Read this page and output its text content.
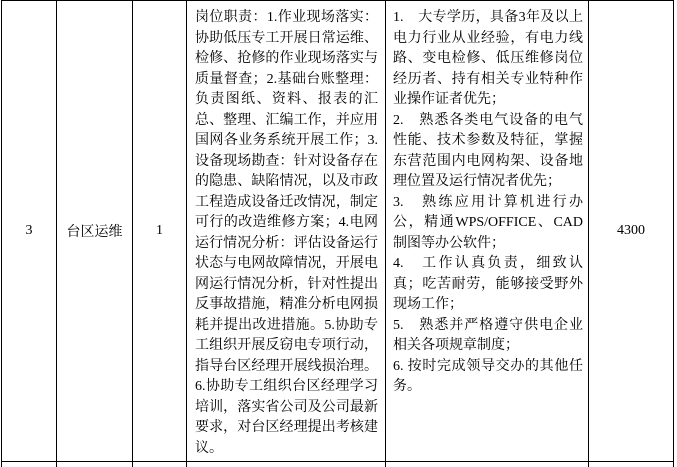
3 台区运维 1

岗位职责：1.作业现场落实：协助低压专工开展日常运维、检修、抢修的作业现场落实与质量督查；2.基础台账整理：负责图纸、资料、报表的汇总、整理、汇编工作，并应用国网各业务系统开展工作；3.设备现场勘查：针对设备存在的隐患、缺陷情况，以及市政工程造成设备迁改情况，制定可行的改造维修方案；4.电网运行情况分析：评估设备运行状态与电网故障情况，开展电网运行情况分析，针对性提出反事故措施，精准分析电网损耗并提出改进措施。5.协助专工组织开展反窃电专项行动，指导台区经理开展线损治理。6.协助专工组织台区经理学习培训，落实省公司及公司最新要求，对台区经理提出考核建议。

1.　大专学历，具备3年及以上电力行业从业经验，有电力线路、变电检修、低压维修岗位经历者、持有相关专业特种作业操作证者优先；

2.　熟悉各类电气设备的电气性能、技术参数及特征，掌握东营范围内电网构架、设备地理位置及运行情况者优先；

3.　熟练应用计算机进行办公，精通WPS/OFFICE、CAD制图等办公软件；

4.　工作认真负责，细致认真；吃苦耐劳，能够接受野外现场工作；

5.　熟悉并严格遵守供电企业相关各项规章制度；

6. 按时完成领导交办的其他任务。

4300
